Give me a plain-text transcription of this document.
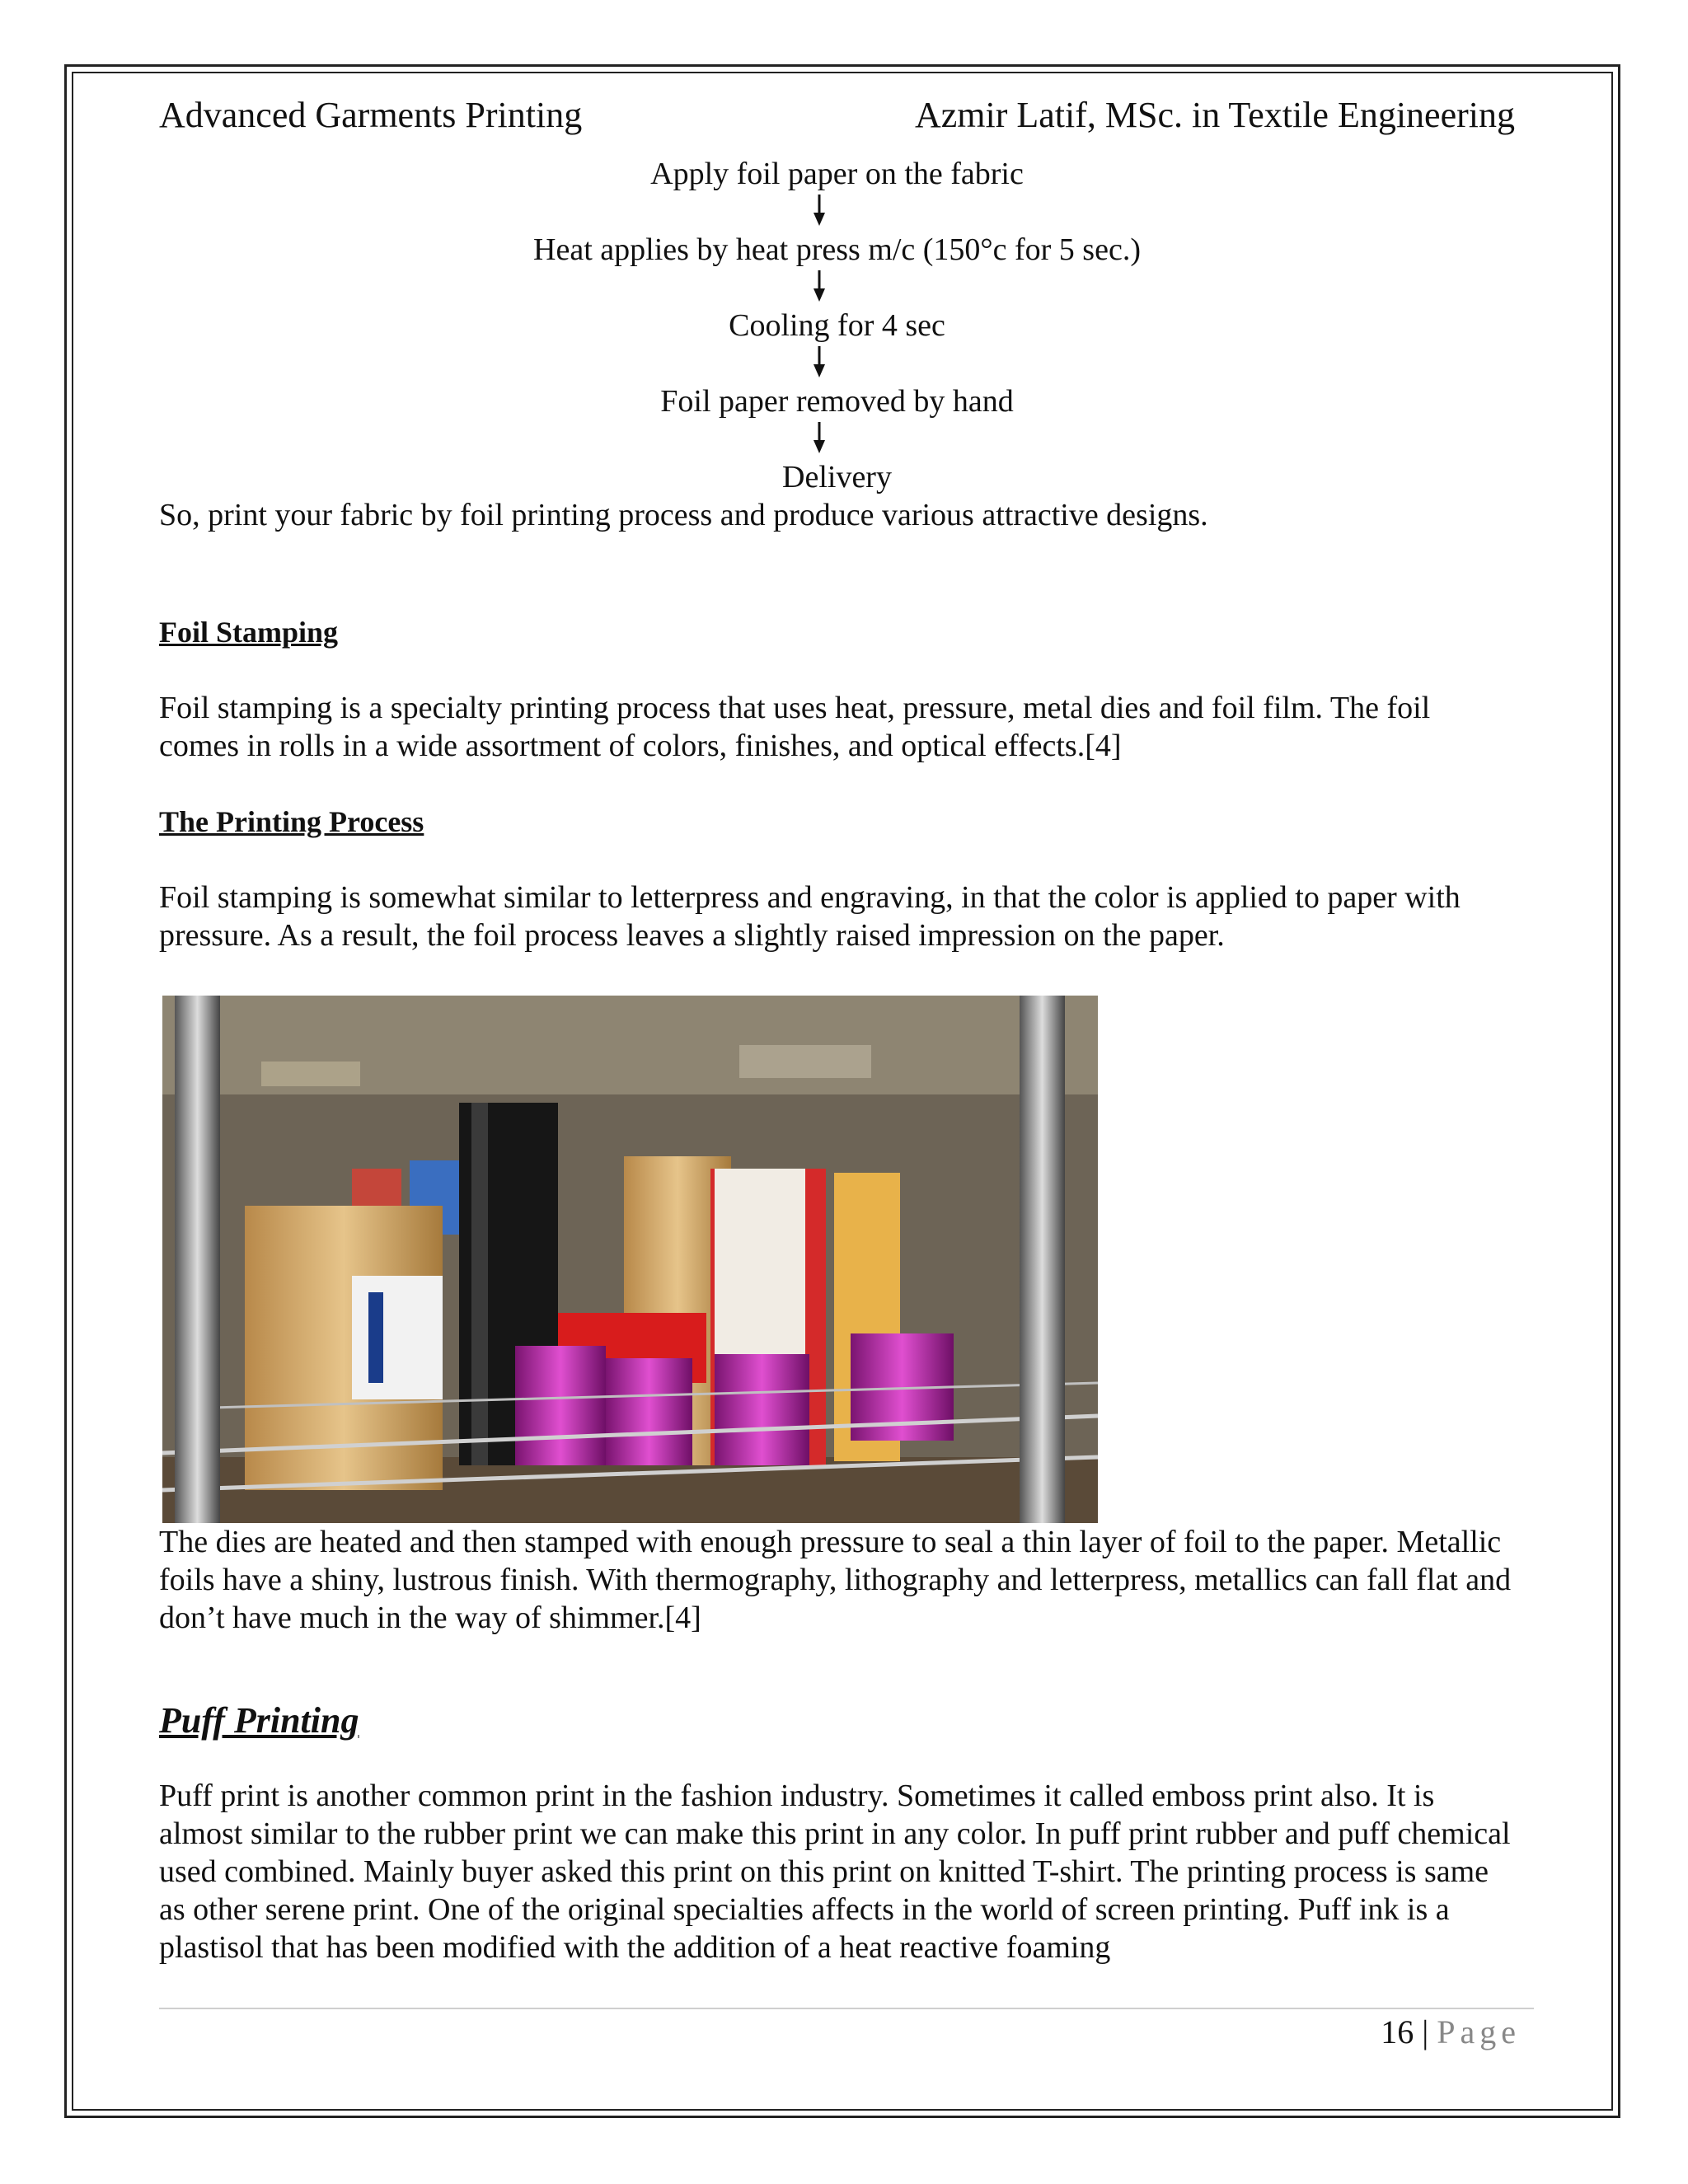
Advanced Garments Printing	Azmir Latif, MSc. in Textile Engineering
Apply foil paper on the fabric
Heat applies by heat press m/c (150°c for 5 sec.)
Cooling for 4 sec
Foil paper removed by hand
Delivery

So, print your fabric by foil printing process and produce various attractive designs.

Foil Stamping

Foil stamping is a specialty printing process that uses heat, pressure, metal dies and foil film. The foil comes in rolls in a wide assortment of colors, finishes, and optical effects.[4]

The Printing Process

Foil stamping is somewhat similar to letterpress and engraving, in that the color is applied to paper with pressure. As a result, the foil process leaves a slightly raised impression on the paper.

The dies are heated and then stamped with enough pressure to seal a thin layer of foil to the paper. Metallic foils have a shiny, lustrous finish. With thermography, lithography and letterpress, metallics can fall flat and don’t have much in the way of shimmer.[4]

Puff Printing

Puff print is another common print in the fashion industry. Sometimes it called emboss print also. It is almost similar to the rubber print we can make this print in any color. In puff print rubber and puff chemical used combined. Mainly buyer asked this print on this print on knitted T-shirt. The printing process is same as other serene print. One of the original specialties affects in the world of screen printing. Puff ink is a plastisol that has been modified with the addition of a heat reactive foaming

16 | Page
